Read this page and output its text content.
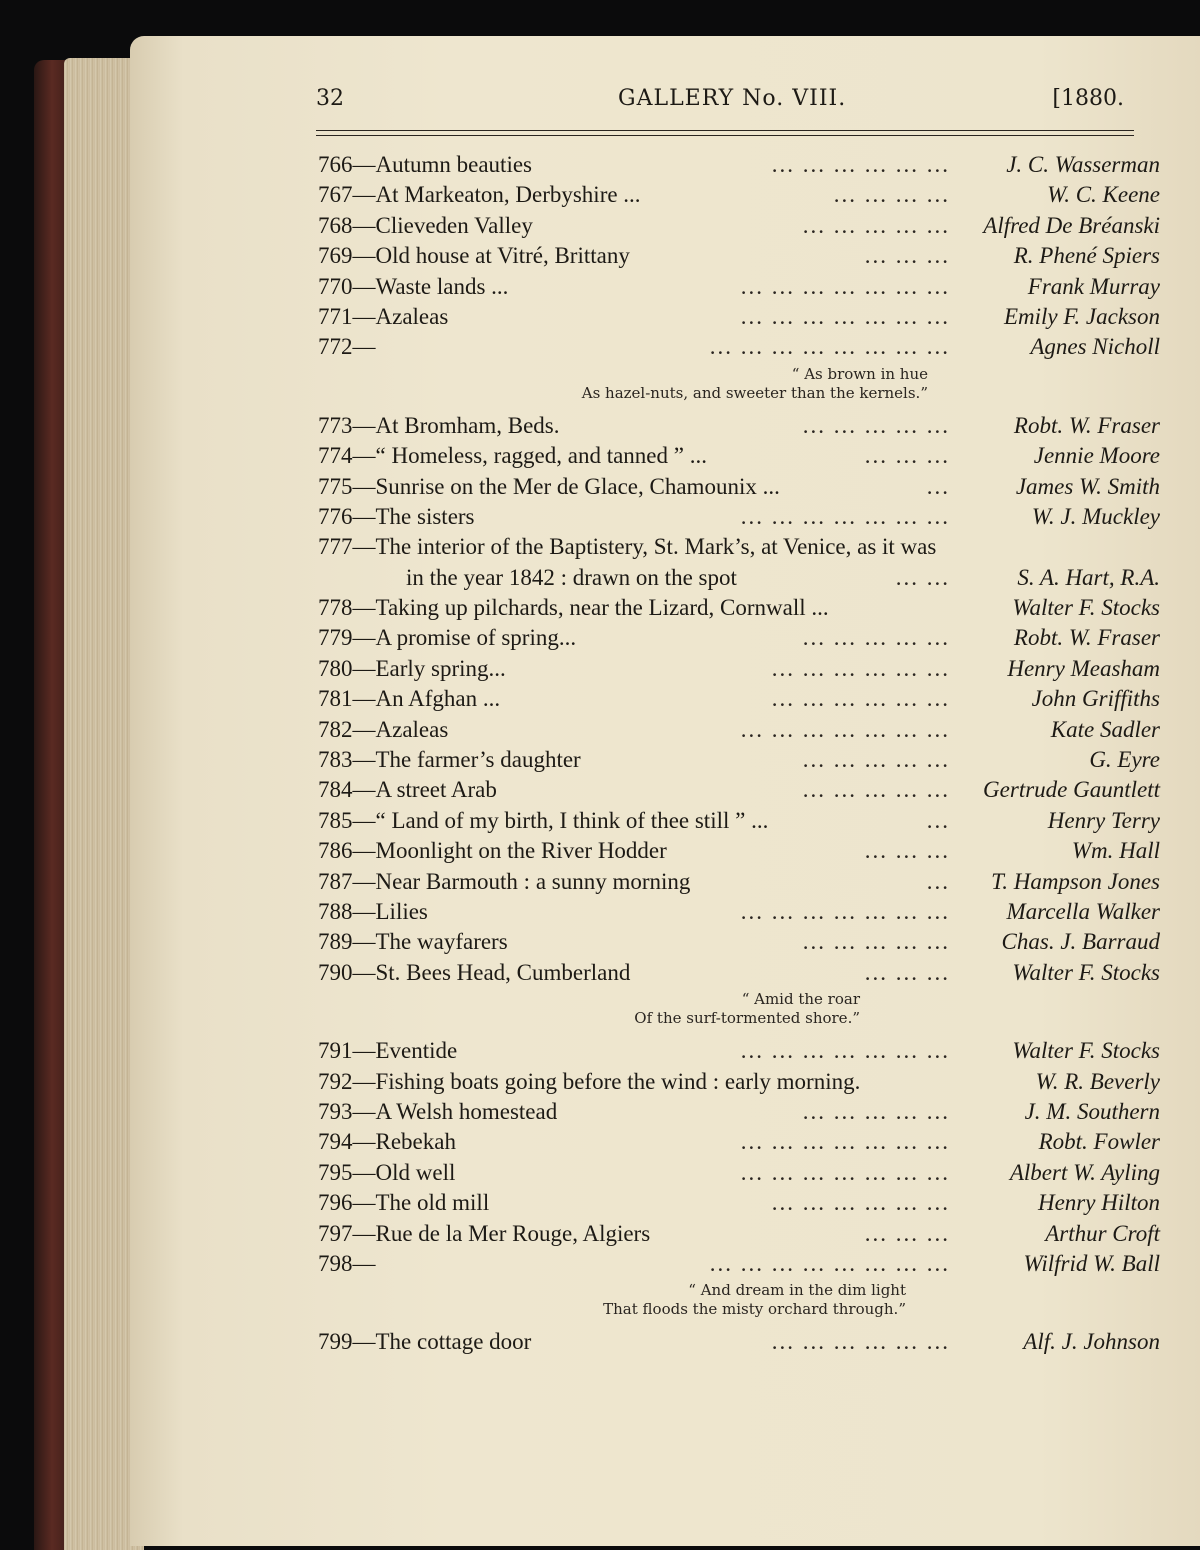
32	GALLERY No. VIII.	[1880.
766—Autumn beauties	... ... ... ... ... ... J. C. Wasserman
767—At Markeaton, Derbyshire ...	... ... ... ...	W. C. Keene
768—Clieveden Valley	... ... ... ... ... Alfred De Bréanski
769—Old house at Vitré, Brittany	... ... ...	R. Phené Spiers
770—Waste lands ...	... ... ... ... ... ... ...	Frank Murray
771—Azaleas	... ... ... ... ... ... ... Emily F. Jackson
772—	... ... ... ... ... ... ... ...	Agnes Nicholl
“ As brown in hue
As hazel-nuts, and sweeter than the kernels.”
773—At Bromham, Beds.	... ... ... ... ...	Robt. W. Fraser
774—“ Homeless, ragged, and tanned ” ...	... ... ...	Jennie Moore
775—Sunrise on the Mer de Glace, Chamounix ...	...	James W. Smith
776—The sisters	... ... ... ... ... ... ...	W. J. Muckley
777—The interior of the Baptistery, St. Mark’s, at Venice, as it was
in the year 1842 : drawn on the spot	... ...	S. A. Hart, R.A.
778—Taking up pilchards, near the Lizard, Cornwall ...	Walter F. Stocks
779—A promise of spring...	... ... ... ... ...	Robt. W. Fraser
780—Early spring...	... ... ... ... ... ... Henry Measham
781—An Afghan ...	... ... ... ... ... ...	John Griffiths
782—Azaleas	... ... ... ... ... ... ...	Kate Sadler
783—The farmer’s daughter	... ... ... ... ...	G. Eyre
784—A street Arab	... ... ... ... ... Gertrude Gauntlett
785—“ Land of my birth, I think of thee still ” ...	...	Henry Terry
786—Moonlight on the River Hodder	... ... ...	Wm. Hall
787—Near Barmouth : a sunny morning	... T. Hampson Jones
788—Lilies	... ... ... ... ... ... ... Marcella Walker
789—The wayfarers	... ... ... ... ... Chas. J. Barraud
790—St. Bees Head, Cumberland	... ... ...	Walter F. Stocks
“ Amid the roar
Of the surf-tormented shore.”
791—Eventide	... ... ... ... ... ... ...	Walter F. Stocks
792—Fishing boats going before the wind : early morning.	W. R. Beverly
793—A Welsh homestead	... ... ... ... ...	J. M. Southern
794—Rebekah	... ... ... ... ... ... ...	Robt. Fowler
795—Old well	... ... ... ... ... ... ...	Albert W. Ayling
796—The old mill	... ... ... ... ... ...	Henry Hilton
797—Rue de la Mer Rouge, Algiers	... ... ...	Arthur Croft
798—	... ... ... ... ... ... ... ...	Wilfrid W. Ball
“ And dream in the dim light
That floods the misty orchard through.”
799—The cottage door	... ... ... ... ... ...	Alf. J. Johnson
